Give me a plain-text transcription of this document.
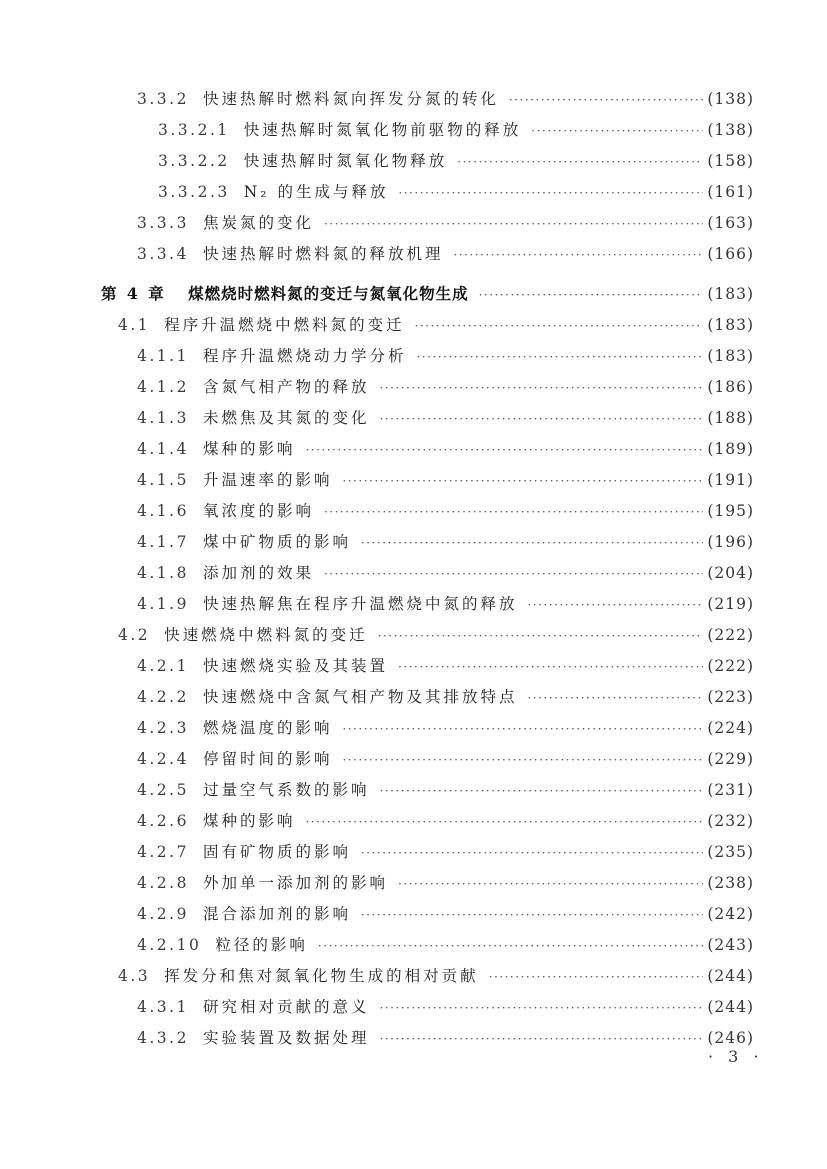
3.3.2 快速热解时燃料氮向挥发分氮的转化 ·····	(138)
3.3.2.1 快速热解时氮氧化物前驱物的释放 ·····	(138)
3.3.2.2 快速热解时氮氧化物释放 ·····	(158)
3.3.2.3 N₂ 的生成与释放 ·····	(161)
3.3.3 焦炭氮的变化 ·····	(163)
3.3.4 快速热解时燃料氮的释放机理 ·····	(166)
第 4 章 煤燃烧时燃料氮的变迁与氮氧化物生成 ·····	(183)
4.1 程序升温燃烧中燃料氮的变迁 ·····	(183)
4.1.1 程序升温燃烧动力学分析 ·····	(183)
4.1.2 含氮气相产物的释放 ·····	(186)
4.1.3 未燃焦及其氮的变化 ·····	(188)
4.1.4 煤种的影响 ·····	(189)
4.1.5 升温速率的影响 ·····	(191)
4.1.6 氧浓度的影响 ·····	(195)
4.1.7 煤中矿物质的影响 ·····	(196)
4.1.8 添加剂的效果 ·····	(204)
4.1.9 快速热解焦在程序升温燃烧中氮的释放 ·····	(219)
4.2 快速燃烧中燃料氮的变迁 ·····	(222)
4.2.1 快速燃烧实验及其装置 ·····	(222)
4.2.2 快速燃烧中含氮气相产物及其排放特点 ·····	(223)
4.2.3 燃烧温度的影响 ·····	(224)
4.2.4 停留时间的影响 ·····	(229)
4.2.5 过量空气系数的影响 ·····	(231)
4.2.6 煤种的影响 ·····	(232)
4.2.7 固有矿物质的影响 ·····	(235)
4.2.8 外加单一添加剂的影响 ·····	(238)
4.2.9 混合添加剂的影响 ·····	(242)
4.2.10 粒径的影响 ·····	(243)
4.3 挥发分和焦对氮氧化物生成的相对贡献 ·····	(244)
4.3.1 研究相对贡献的意义 ·····	(244)
4.3.2 实验装置及数据处理 ·····	(246)
· 3 ·
